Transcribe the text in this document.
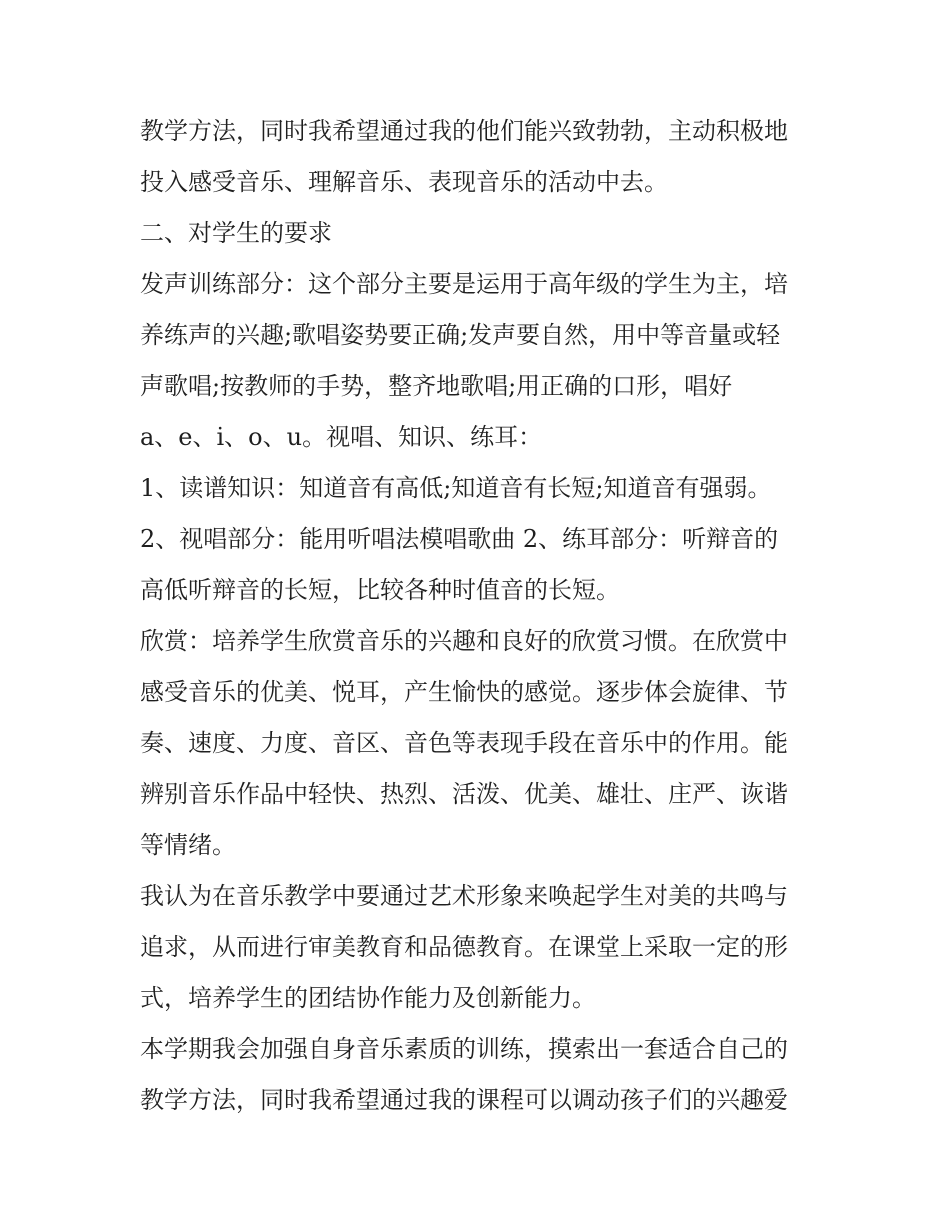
教学方法，同时我希望通过我的他们能兴致勃勃，主动积极地

投入感受音乐、理解音乐、表现音乐的活动中去。

二、对学生的要求

发声训练部分：这个部分主要是运用于高年级的学生为主，培

养练声的兴趣;歌唱姿势要正确;发声要自然，用中等音量或轻

声歌唱;按教师的手势，整齐地歌唱;用正确的口形，唱好

a、e、i、o、u。视唱、知识、练耳：

1、读谱知识：知道音有高低;知道音有长短;知道音有强弱。

2、视唱部分：能用听唱法模唱歌曲 2、练耳部分：听辩音的

高低听辩音的长短，比较各种时值音的长短。

欣赏：培养学生欣赏音乐的兴趣和良好的欣赏习惯。在欣赏中

感受音乐的优美、悦耳，产生愉快的感觉。逐步体会旋律、节

奏、速度、力度、音区、音色等表现手段在音乐中的作用。能

辨别音乐作品中轻快、热烈、活泼、优美、雄壮、庄严、诙谐

等情绪。

我认为在音乐教学中要通过艺术形象来唤起学生对美的共鸣与

追求，从而进行审美教育和品德教育。在课堂上采取一定的形

式，培养学生的团结协作能力及创新能力。

本学期我会加强自身音乐素质的训练，摸索出一套适合自己的

教学方法，同时我希望通过我的课程可以调动孩子们的兴趣爱
